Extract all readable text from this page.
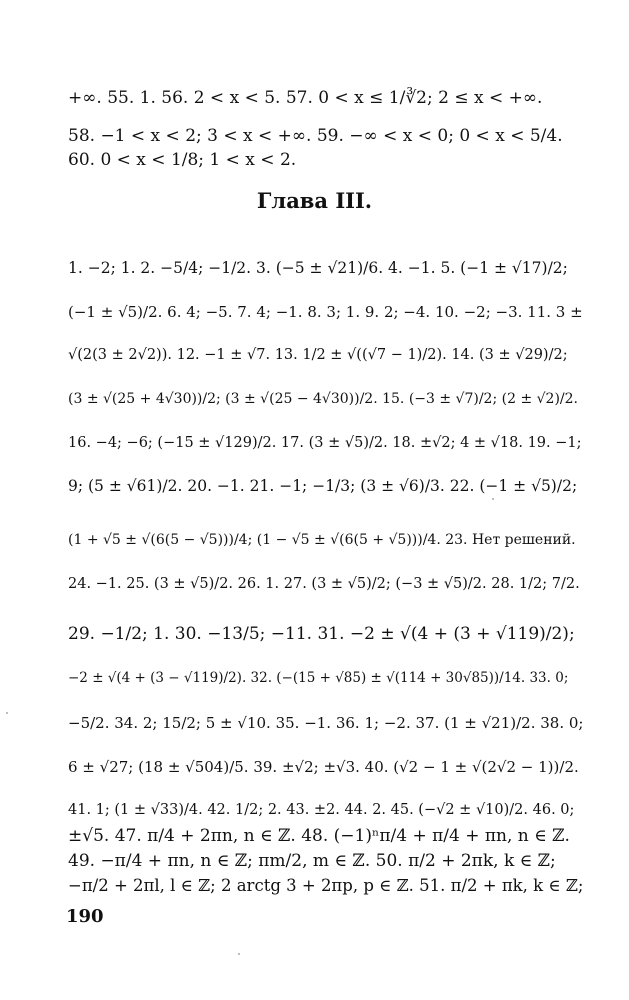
+∞. 55. 1. 56. 2 < x < 5. 57. 0 < x ≤ 1/∛2; 2 ≤ x < +∞.
58. −1 < x < 2; 3 < x < +∞. 59. −∞ < x < 0; 0 < x < 5/4.
60. 0 < x < 1/8; 1 < x < 2.
Глава III.
1. −2; 1. 2. −5/4; −1/2. 3. (−5 ± √21)/6. 4. −1. 5. (−1 ± √17)/2;
(−1 ± √5)/2. 6. 4; −5. 7. 4; −1. 8. 3; 1. 9. 2; −4. 10. −2; −3. 11. 3 ±
√(2(3 ± 2√2)). 12. −1 ± √7. 13. 1/2 ± √((√7 − 1)/2). 14. (3 ± √29)/2;
(3 ± √(25 + 4√30))/2; (3 ± √(25 − 4√30))/2. 15. (−3 ± √7)/2; (2 ± √2)/2.
16. −4; −6; (−15 ± √129)/2. 17. (3 ± √5)/2. 18. ±√2; 4 ± √18. 19. −1;
9; (5 ± √61)/2. 20. −1. 21. −1; −1/3; (3 ± √6)/3. 22. (−1 ± √5)/2;
(1 + √5 ± √(6(5 − √5)))/4; (1 − √5 ± √(6(5 + √5)))/4. 23. Нет решений.
24. −1. 25. (3 ± √5)/2. 26. 1. 27. (3 ± √5)/2; (−3 ± √5)/2. 28. 1/2; 7/2.
29. −1/2; 1. 30. −13/5; −11. 31. −2 ± √(4 + (3 + √119)/2);
−2 ± √(4 + (3 − √119)/2). 32. (−(15 + √85) ± √(114 + 30√85))/14. 33. 0;
−5/2. 34. 2; 15/2; 5 ± √10. 35. −1. 36. 1; −2. 37. (1 ± √21)/2. 38. 0;
6 ± √27; (18 ± √504)/5. 39. ±√2; ±√3. 40. (√2 − 1 ± √(2√2 − 1))/2.
41. 1; (1 ± √33)/4. 42. 1/2; 2. 43. ±2. 44. 2. 45. (−√2 ± √10)/2. 46. 0;
±√5. 47. π/4 + 2πn, n ∈ ℤ. 48. (−1)ⁿπ/4 + π/4 + πn, n ∈ ℤ.
49. −π/4 + πn, n ∈ ℤ; πm/2, m ∈ ℤ. 50. π/2 + 2πk, k ∈ ℤ;
−π/2 + 2πl, l ∈ ℤ; 2 arctg 3 + 2πp, p ∈ ℤ. 51. π/2 + πk, k ∈ ℤ;
190
